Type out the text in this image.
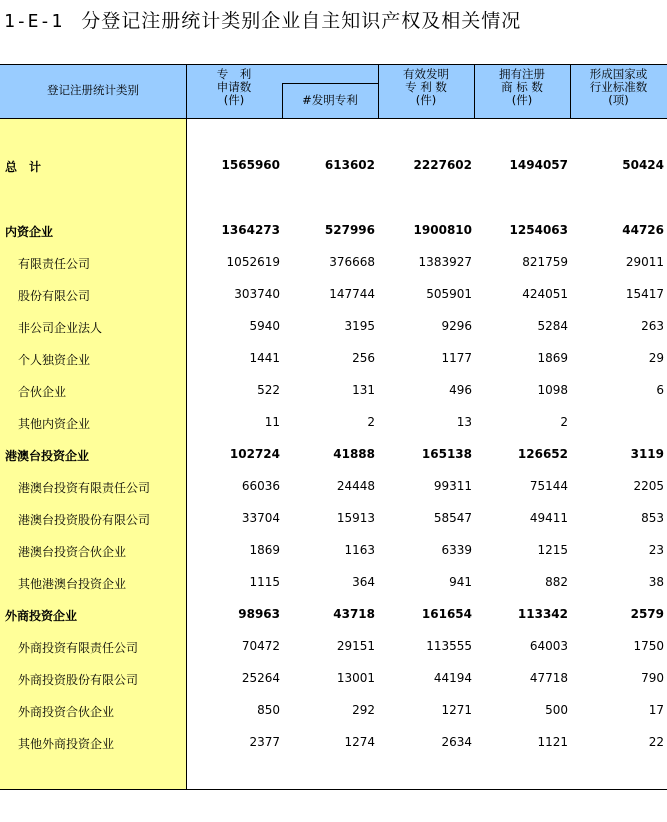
1-E-1 分登记注册统计类别企业自主知识产权及相关情况
登记注册统计类别
专　利
申请数
(件)	#发明专利
有效发明
专 利 数
(件)
拥有注册
商 标 数
(件)
形成国家或
行业标准数
(项)
总　计	1565960	613602	2227602	1494057	50424
内资企业	1364273	527996	1900810	1254063	44726
有限责任公司	1052619	376668	1383927	821759	29011
股份有限公司	303740	147744	505901	424051	15417
非公司企业法人	5940	3195	9296	5284	263
个人独资企业	1441	256	1177	1869	29
合伙企业	522	131	496	1098	6
其他内资企业	11	2	13	2
港澳台投资企业	102724	41888	165138	126652	3119
港澳台投资有限责任公司	66036	24448	99311	75144	2205
港澳台投资股份有限公司	33704	15913	58547	49411	853
港澳台投资合伙企业	1869	1163	6339	1215	23
其他港澳台投资企业	1115	364	941	882	38
外商投资企业	98963	43718	161654	113342	2579
外商投资有限责任公司	70472	29151	113555	64003	1750
外商投资股份有限公司	25264	13001	44194	47718	790
外商投资合伙企业	850	292	1271	500	17
其他外商投资企业	2377	1274	2634	1121	22
